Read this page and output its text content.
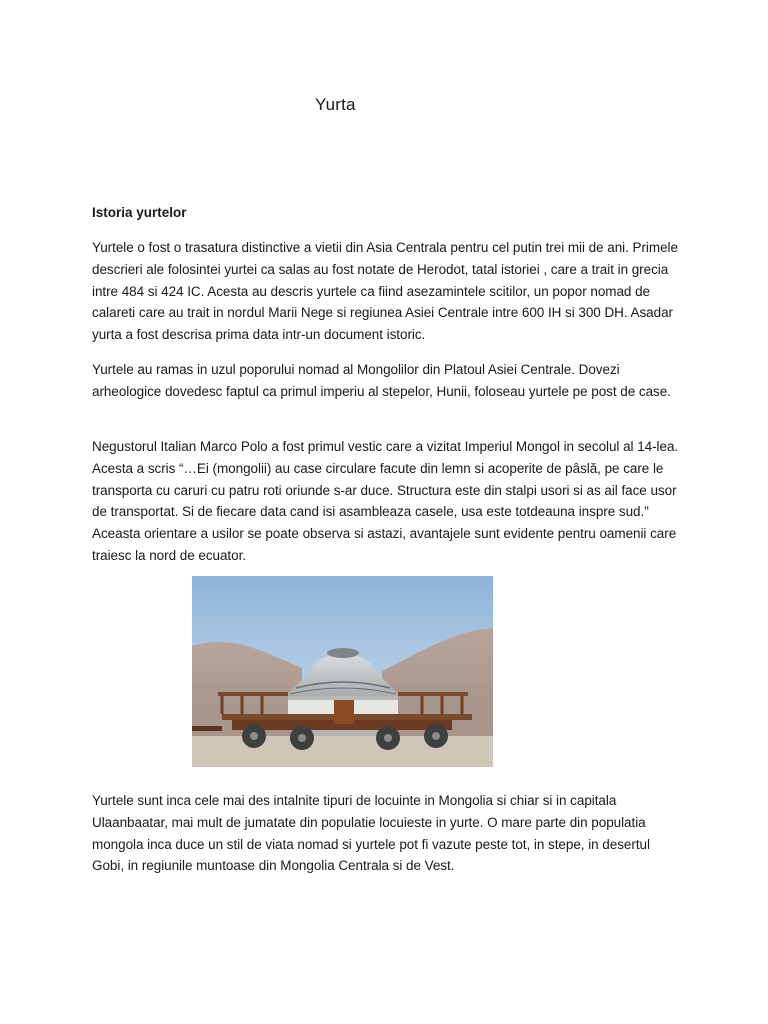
Yurta
Istoria yurtelor

Yurtele o fost o trasatura distinctive a vietii din Asia Centrala pentru cel putin trei mii de ani. Primele descrieri ale folosintei yurtei ca salas au fost notate de Herodot, tatal istoriei , care a trait in grecia intre 484 si 424 IC. Acesta au descris yurtele ca fiind asezamintele scitilor, un popor nomad de calareti care au trait in nordul Marii Nege si regiunea Asiei Centrale intre 600 IH si 300 DH. Asadar yurta a fost descrisa prima data intr-un document istoric.

Yurtele au ramas in uzul poporului nomad al Mongolilor din Platoul Asiei Centrale. Dovezi arheologice dovedesc faptul ca primul imperiu al stepelor, Hunii, foloseau yurtele pe post de case.

Negustorul Italian Marco Polo a fost primul vestic care a vizitat Imperiul Mongol in secolul al 14-lea. Acesta a scris “…Ei (mongolii) au case circulare facute din lemn si acoperite de pâslă, pe care le transporta cu caruri cu patru roti oriunde s-ar duce. Structura este din stalpi usori si as ail face usor de transportat. Si de fiecare data cand isi asambleaza casele, usa este totdeauna inspre sud.” Aceasta orientare a usilor se poate observa si astazi, avantajele sunt evidente pentru oamenii care traiesc la nord de ecuator.

Yurtele sunt inca cele mai des intalnite tipuri de locuinte in Mongolia si chiar si in capitala Ulaanbaatar, mai mult de jumatate din populatie locuieste in yurte. O mare parte din populatia mongola inca duce un stil de viata nomad si yurtele pot fi vazute peste tot, in stepe, in desertul Gobi, in regiunile muntoase din Mongolia Centrala si de Vest.
